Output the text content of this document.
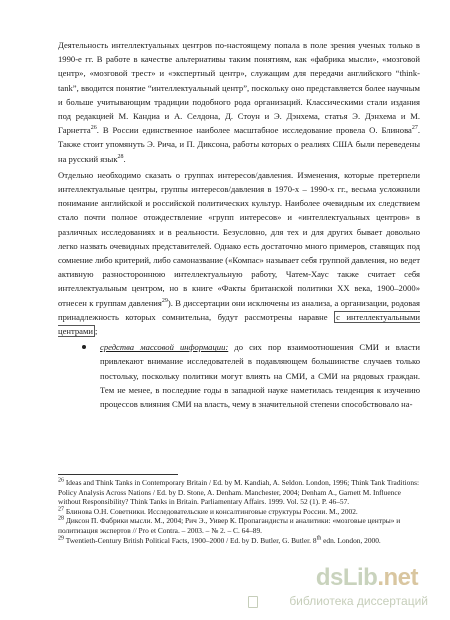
Деятельность интеллектуальных центров по-настоящему попала в поле зрения ученых только в 1990-е гг. В работе в качестве альтернативы таким понятиям, как «фабрика мысли», «мозговой центр», «мозговой трест» и «экспертный центр», служащим для передачи английского “think-tank”, вводится понятие “интеллектуальный центр”, поскольку оно представляется более научным и больше учитывающим традиции подобного рода организаций. Классическими стали издания под редакцией М. Кандиа и А. Селдона, Д. Стоун и Э. Дэнхема, статья Э. Дэнхема и М. Гарнетта$^{26}$. В России единственное наиболее масштабное исследование провела О. Блинова$^{27}$. Также стоит упомянуть Э. Рича, и П. Диксона, работы которых о реалиях США были переведены на русский язык$^{28}$.

Отдельно необходимо сказать о группах интересов/давления. Изменения, которые претерпели интеллектуальные центры, группы интересов/давления в 1970-х – 1990-х гг., весьма усложнили понимание английской и российской политических культур. Наиболее очевидным их следствием стало почти полное отождествление «групп интересов» и «интеллектуальных центров» в различных исследованиях и в реальности. Безусловно, для тех и для других бывает довольно легко назвать очевидных представителей. Однако есть достаточно много примеров, ставящих под сомнение либо критерий, либо самоназвание («Компас» называет себя группой давления, но ведет активную разностороннюю интеллектуальную работу, Чатем-Хаус также считает себя интеллектуальным центром, но в книге «Факты британской политики XX века, 1900–2000» отнесен к группам давления$^{29}$). В диссертации они исключены из анализа, а организации, родовая принадлежность которых сомнительна, будут рассмотрены наравне с интеллектуальными центрами ;

средства массовой информации: до сих пор взаимоотношения СМИ и власти привлекают внимание исследователей в подавляющем большинстве случаев только постольку, поскольку политики могут влиять на СМИ, а СМИ на рядовых граждан. Тем не менее, в последние годы в западной науке наметилась тенденция к изучению процессов влияния СМИ на власть, чему в значительной степени способствовало на-

$^{26}$ Ideas and Think Tanks in Contemporary Britain / Ed. by M. Kandiah, A. Seldon. London, 1996; Think Tank Traditions: Policy Analysis Across Nations / Ed. by D. Stone, A. Denham. Manchester, 2004; Denham A., Garnett M. Influence without Responsibility? Think Tanks in Britain. Parliamentary Affairs. 1999. Vol. 52 (1). P. 46–57.

$^{27}$ Блинова О.Н. Советники. Исследовательские и консалтинговые структуры России. М., 2002.

$^{28}$ Диксон П. Фабрики мысли. М., 2004; Рич Э., Уивер К. Пропагандисты и аналитики: «мозговые центры» и политизация экспертов // Pro et Contra. – 2003. – № 2. – С. 64–89.

$^{29}$ Twentieth-Century British Political Facts, 1900–2000 / Ed. by D. Butler, G. Butler. 8th edn. London, 2000.

dsLib.net
библиотека диссертаций
